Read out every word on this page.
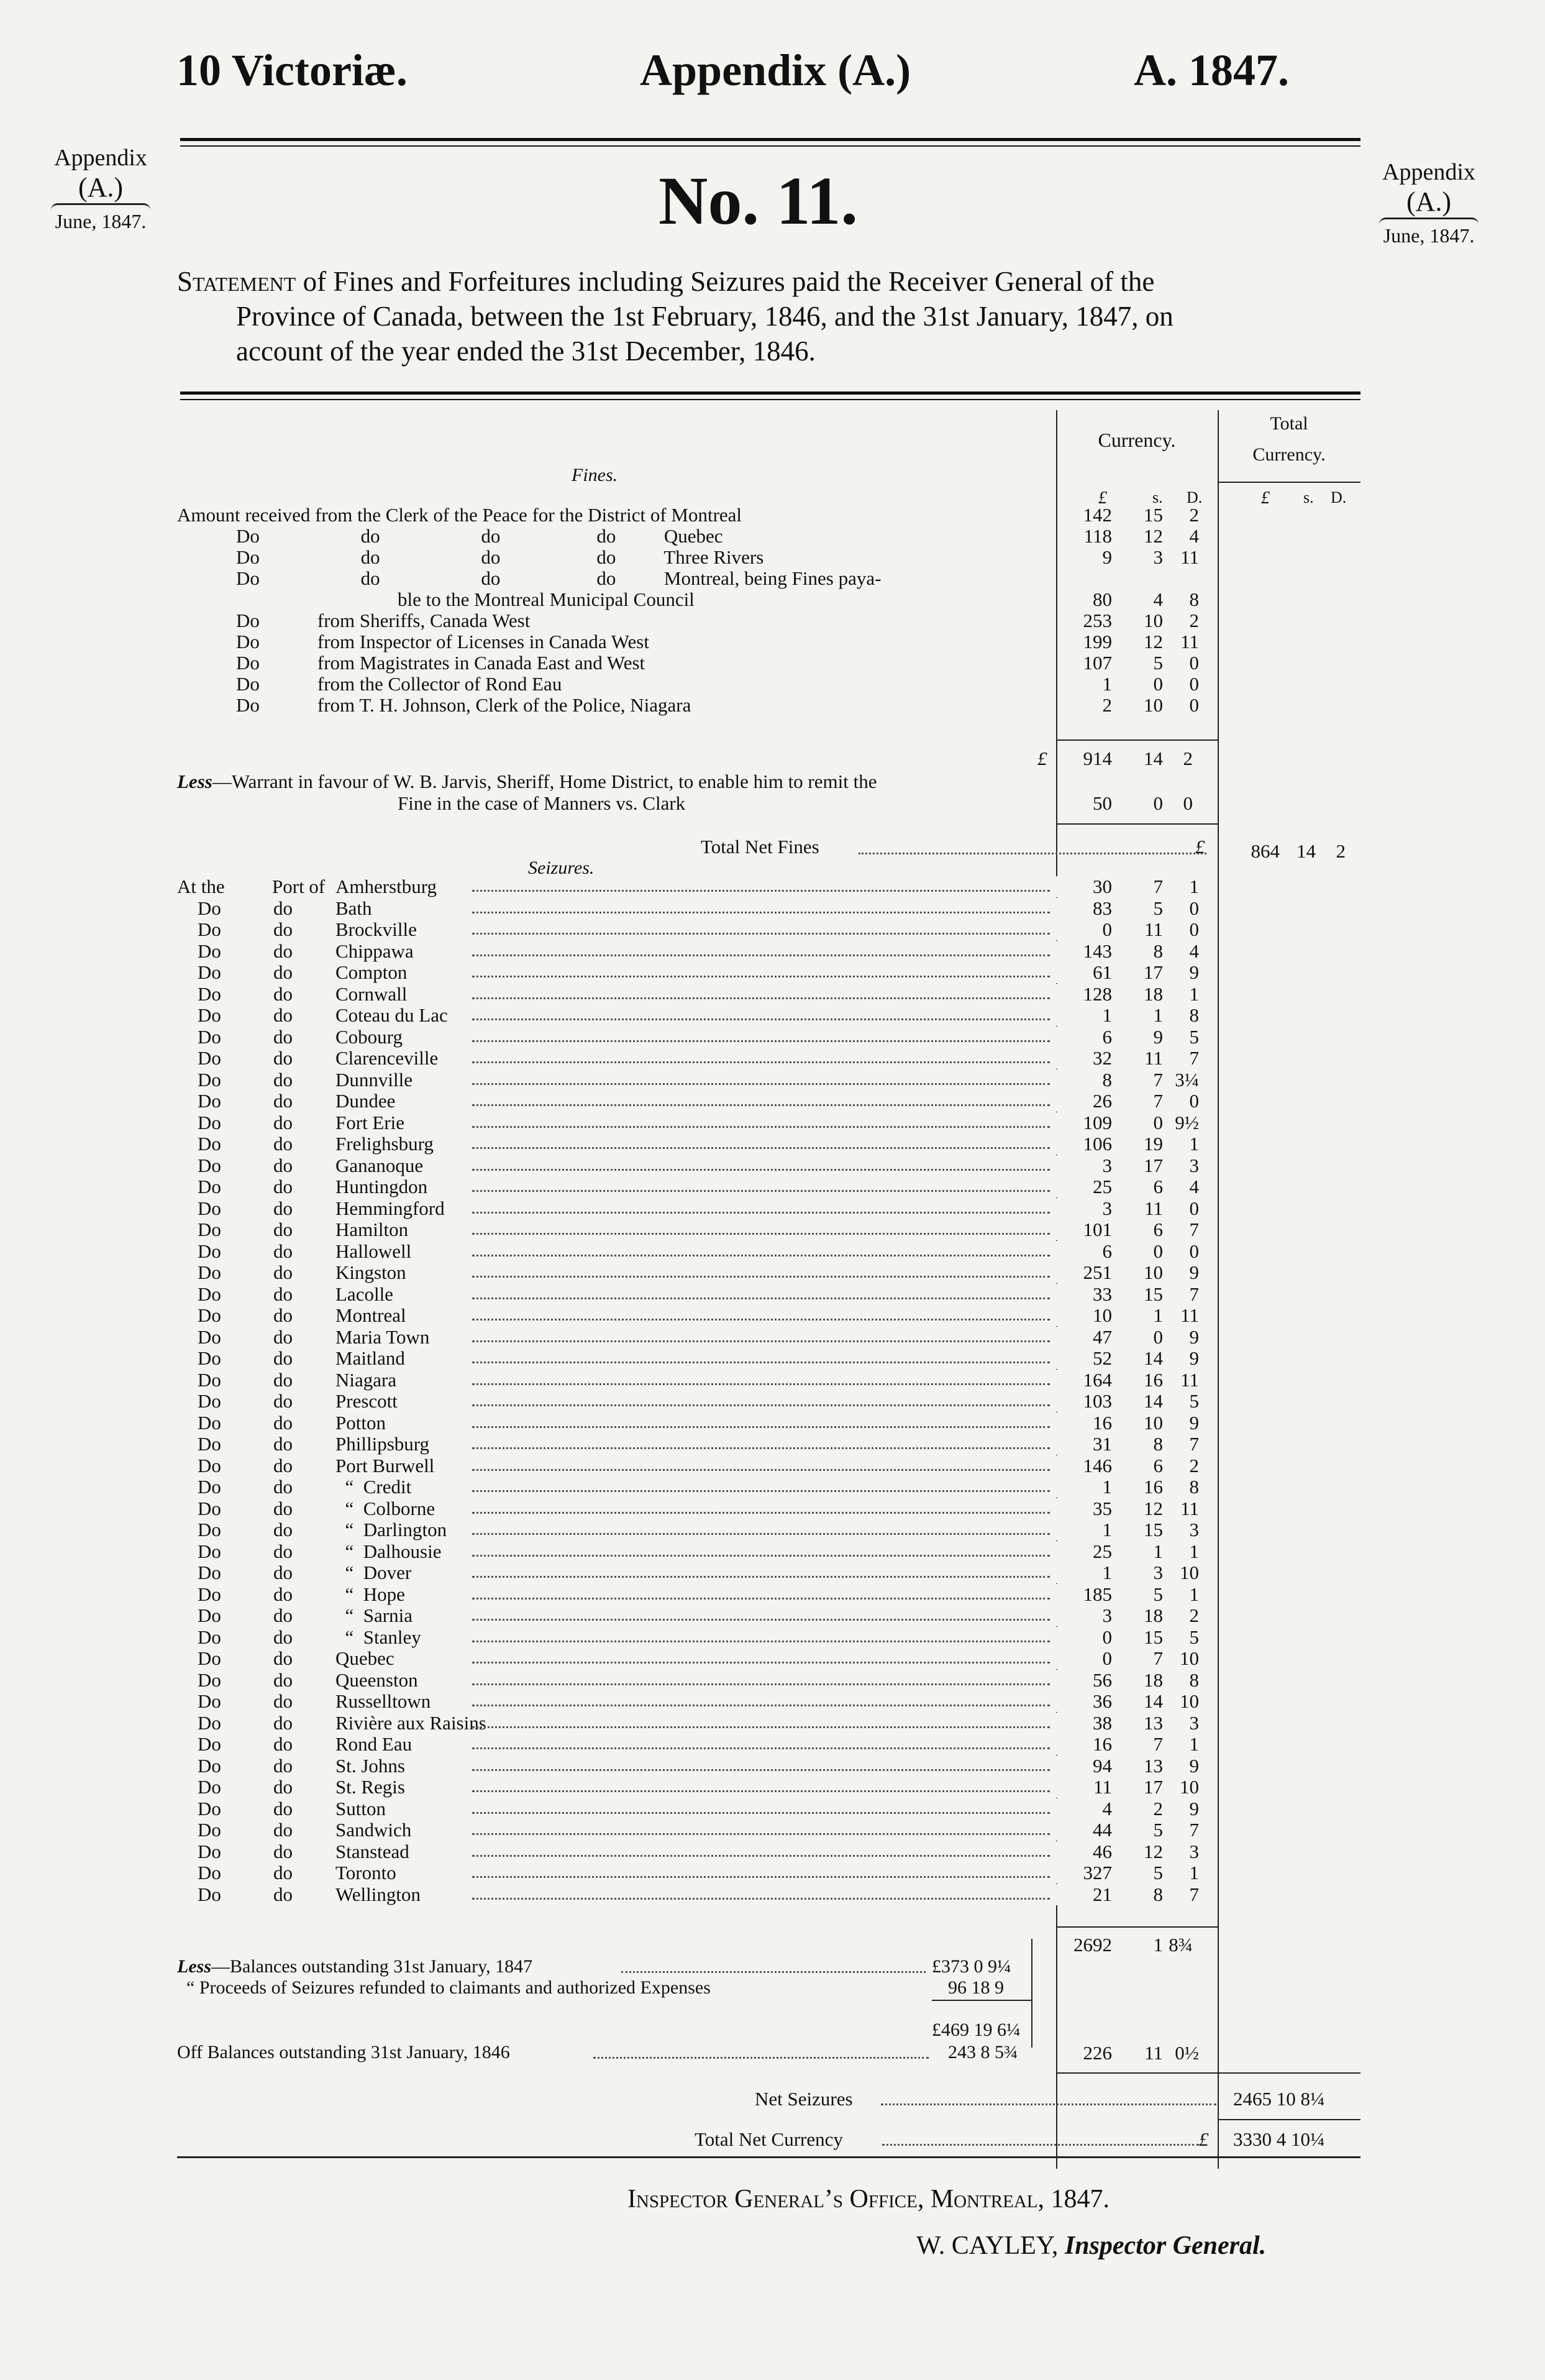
10 Victoriæ.	Appendix (A.)	A. 1847.
Appendix
(A.)
June, 1847.
Appendix
(A.)
June, 1847.
No. 11.
Statement of Fines and Forfeitures including Seizures paid the Receiver General of the
Province of Canada, between the 1st February, 1846, and the 31st January, 1847, on
account of the year ended the 31st December, 1846.
Currency.
Total
Currency.
Fines.
£	s. D.	£ s. D.
Amount received from the Clerk of the Peace for the District of Montreal	142	15	2
Do                     do                     do                    do          Quebec	118	12	4
Do                     do                     do                    do          Three Rivers	9	3 11
Do                     do                     do                    do          Montreal, being Fines paya-
ble to the Montreal Municipal Council	80	4	8
Do            from Sheriffs, Canada West	253	10	2
Do            from Inspector of Licenses in Canada West	199	12 11
Do            from Magistrates in Canada East and West	107	5	0
Do            from the Collector of Rond Eau	1	0	0
Do            from T. H. Johnson, Clerk of the Police, Niagara	2	10	0
£	914	14	2
Less—Warrant in favour of W. B. Jarvis, Sheriff, Home District, to enable him to remit the
Fine in the case of Manners vs. Clark	50	0	0
Total Net Fines	£	864 14	2
Seizures.
At the Port of Amherstburg	30	7	1
Do	do Bath	83	5	0
Do	do Brockville	0	11	0
Do	do Chippawa	143	8	4
Do	do Compton	61	17	9
Do	do Cornwall	128	18	1
Do	do Coteau du Lac	1	1	8
Do	do Cobourg	6	9	5
Do	do Clarenceville	32	11	7
Do	do Dunnville	8	7 3¼
Do	do Dundee	26	7	0
Do	do Fort Erie	109	0 9½
Do	do Frelighsburg	106	19	1
Do	do Gananoque	3	17	3
Do	do Huntingdon	25	6	4
Do	do Hemmingford	3	11	0
Do	do Hamilton	101	6	7
Do	do Hallowell	6	0	0
Do	do Kingston	251	10	9
Do	do Lacolle	33	15	7
Do	do Montreal	10	1 11
Do	do Maria Town	47	0	9
Do	do Maitland	52	14	9
Do	do Niagara	164	16 11
Do	do Prescott	103	14	5
Do	do Potton	16	10	9
Do	do Phillipsburg	31	8	7
Do	do Port Burwell	146	6	2
Do	do “  Credit	1	16	8
Do	do “  Colborne	35	12 11
Do	do “  Darlington	1	15	3
Do	do “  Dalhousie	25	1	1
Do	do “  Dover	1	3 10
Do	do “  Hope	185	5	1
Do	do “  Sarnia	3	18	2
Do	do “  Stanley	0	15	5
Do	do Quebec	0	7 10
Do	do Queenston	56	18	8
Do	do Russelltown	36	14 10
Do	do Rivière aux Raisins	38	13	3
Do	do Rond Eau	16	7	1
Do	do St. Johns	94	13	9
Do	do St. Regis	11	17 10
Do	do Sutton	4	2	9
Do	do Sandwich	44	5	7
Do	do Stanstead	46	12	3
Do	do Toronto	327	5	1
Do	do Wellington	21	8	7
2692	1 8¾
Less—Balances outstanding 31st January, 1847	£373 0 9¼
“ Proceeds of Seizures refunded to claimants and authorized Expenses	96 18 9
£469 19 6¼
Off Balances outstanding 31st January, 1846	243 8 5¾	226	11 0½
Net Seizures	2465 10 8¼
Total Net Currency	£ 3330 4 10¼
Inspector General’s Office, Montreal, 1847.
W. CAYLEY, Inspector General.
